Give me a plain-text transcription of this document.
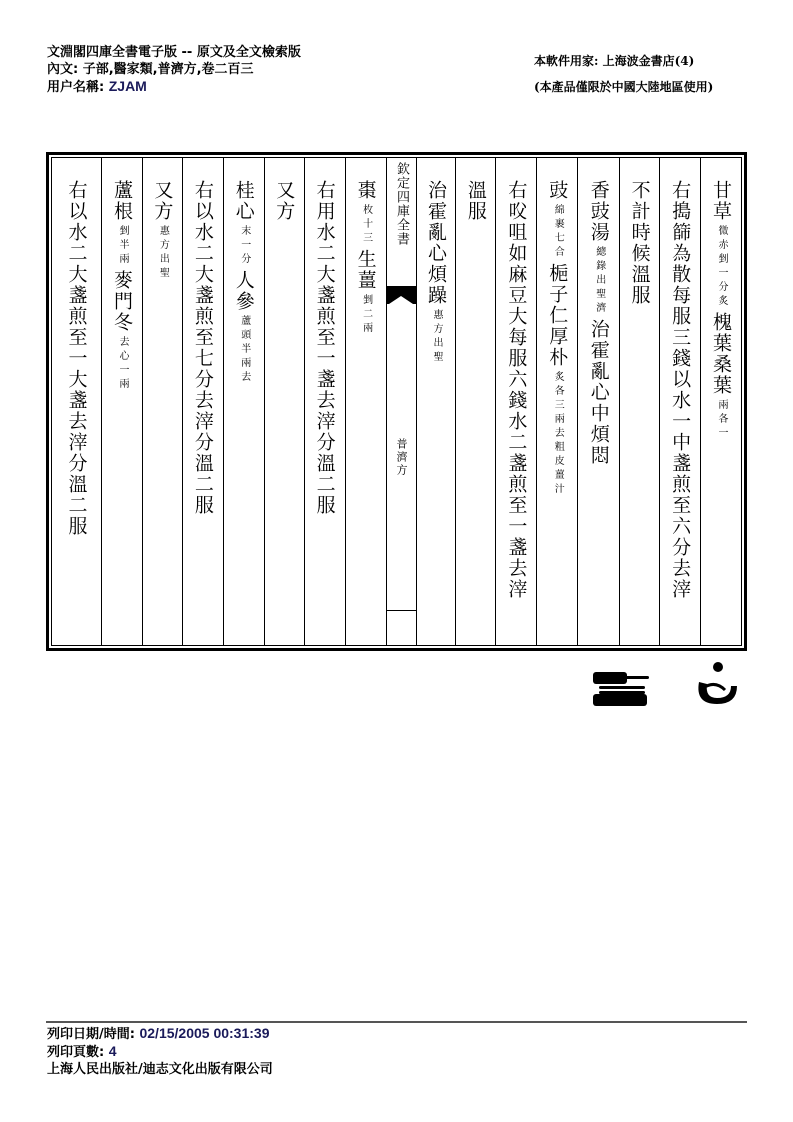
文淵閣四庫全書電子版 -- 原文及全文檢索版
內文: 子部,醫家類,普濟方,卷二百三
用户名稱: ZJAM
本軟件用家: 上海波金書店(4)
(本產品僅限於中國大陸地區使用)
甘草
一分炙
微赤剉
槐葉桑葉
各一
兩
右搗篩為散每服三錢以水一中盞煎至六分去滓
不計時候溫服
香豉湯
出聖濟
總錄
治霍亂心中煩悶
豉
七合
綿裹
梔子仁厚朴
去粗皮薑汁
炙各三兩
右㕮咀如麻豆大每服六錢水二盞煎至一盞去滓
溫服
治霍亂心煩躁
出聖
惠方
欽定四庫全書
普濟方
棗
十三
枚
生薑
二兩
剉
右用水二大盞煎至一盞去滓分溫二服
又方
桂心
一分
末
人參
半兩去
蘆頭
右以水二大盞煎至七分去滓分溫二服
又方
出聖
惠方
蘆根
半兩
剉
麥門冬
一兩
去心
右以水二大盞煎至一大盞去滓分溫二服
列印日期/時間: 02/15/2005 00:31:39
列印頁數: 4
上海人民出版社/迪志文化出版有限公司
